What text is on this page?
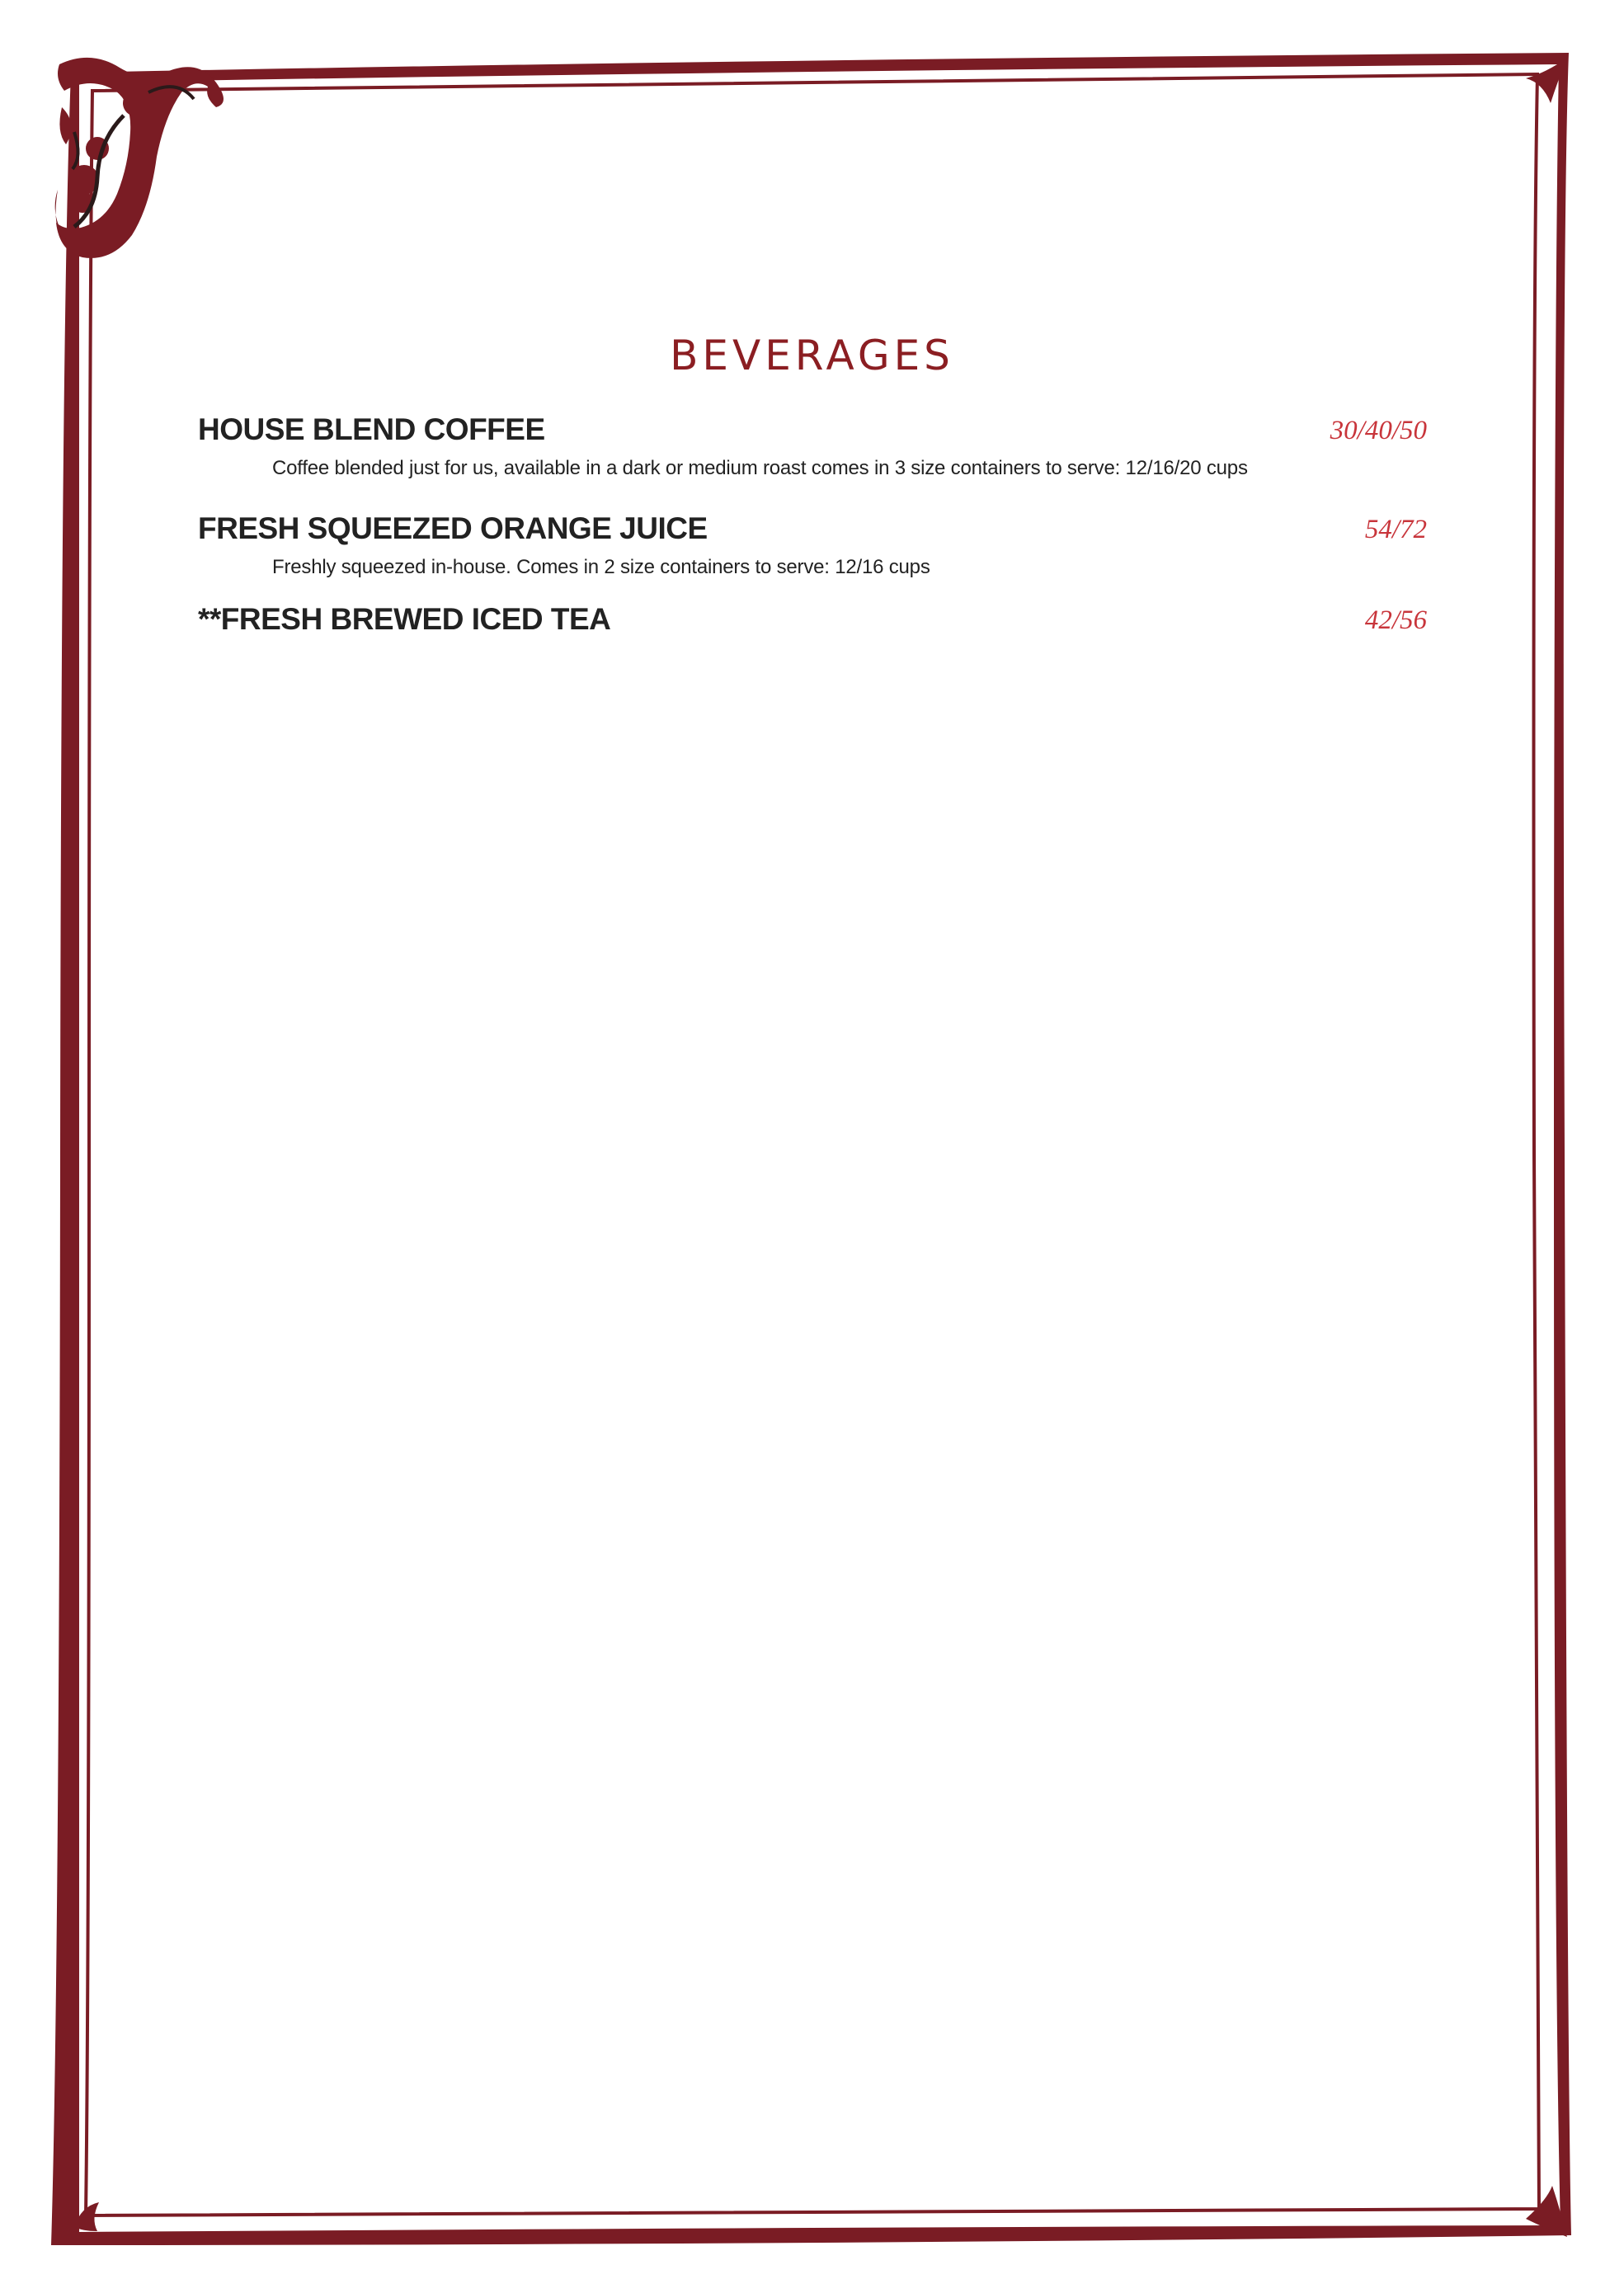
BEVERAGES
HOUSE BLEND COFFEE	30/40/50
Coffee blended just for us, available in a dark or medium roast comes in 3 size containers to serve: 12/16/20 cups
FRESH SQUEEZED ORANGE JUICE	54/72
Freshly squeezed in-house. Comes in 2 size containers to serve: 12/16 cups
**FRESH BREWED ICED TEA	42/56
